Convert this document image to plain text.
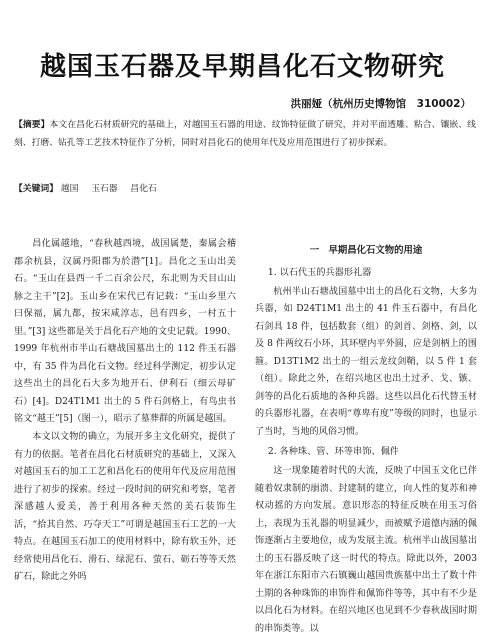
越国玉石器及早期昌化石文物研究
洪丽娅（杭州历史博物馆　310002）
【摘要】本文在昌化石材质研究的基础上，对越国玉石器的用途、纹饰特征做了研究，并对平面透雕、粘合、镶嵌、线刻、打磨、钻孔等工艺技术特征作了分析，同时对昌化石的使用年代及应用范围进行了初步探索。
【关键词】 越国 玉石器 昌化石

昌化属越地，“春秋越西境，战国属楚，秦属会稽郡余杭县，汉属丹阳郡为於潜”[1]。昌化之玉山出美石。“玉山在县西一千二百余公尺，东北则为天目山山脉之主干”[2]。玉山乡在宋代已有记载：“玉山乡里六曰保福，属九都，按宋咸淳志，邑有四乡，一村五十里。”[3] 这些都是关于昌化石产地的文史记载。1990、1999 年杭州市半山石塘战国墓出土的 112 件玉石器中，有 35 件为昌化石文物。经过科学测定，初步认定这些出土的昌化石大多为地开石、伊利石（细云母矿石）[4]。D24T1M1 出土的 5 件石剑格上，有鸟虫书铭文“越王”[5]（图一），昭示了墓葬群的所属是越国。

本文以文物的确立，为展开多主文化研究，提供了有力的依据。笔者在昌化石材质研究的基础上，又深入对越国玉石的加工工艺和昌化石的使用年代及应用范围进行了初步的探索。经过一段时间的研究和考察，笔者深感越人爱美，善于利用各种天然的美石装饰生活，“拾其自然、巧夺天工”可谓是越国玉石工艺的一大特点。在越国玉石加工的使用材料中，除有软玉外，还经常使用昌化石、滑石、绿泥石、萤石、砺石等等天然矿石，除此之外吗

一　早期昌化石文物的用途
1. 以石代玉的兵器形礼器

杭州半山石塘战国墓中出土的昌化石文物，大多为兵器，如 D24T1M1 出土的 41 件玉石器中，有昌化石剑具 18 件，包括数套（组）的剑首、剑格、剑，以及 8 件两纹石小环，其环壁内平外圆，应是剑柄上的围箍。D13T1M2 出土的一组云龙纹剑鞘，以 5 件 1 套（组）。除此之外，在绍兴地区也出土过矛、戈、镞、剑等的昌化石质地的各种兵器。这些以昌化石代替玉材的兵器形礼器，在表明“尊卑有度”等级的同时，也显示了当时，当地的风俗习惯。

2. 各种珠、管、环等串饰、佩件

这一现象随着时代的大流，反映了中国玉文化已伴随着奴隶制的崩溃、封建制的建立，向人性的复苏和神权动摇的方向发展。意识形态的特征反映在用玉习俗上，表现为玉礼器的明显减少，而被赋予道德内涵的佩饰逐渐占主要地位，成为发展主流。杭州半山战国墓出土的玉石器反映了这一时代的特点。除此以外，2003 年在浙江东阳市六石镇巍山越国贵族墓中出土了数十件土期的各种珠饰的串饰件和佩饰件等等，其中有不少是以昌化石为材料。在绍兴地区也见到不少春秋战国时期的串饰类等。以
